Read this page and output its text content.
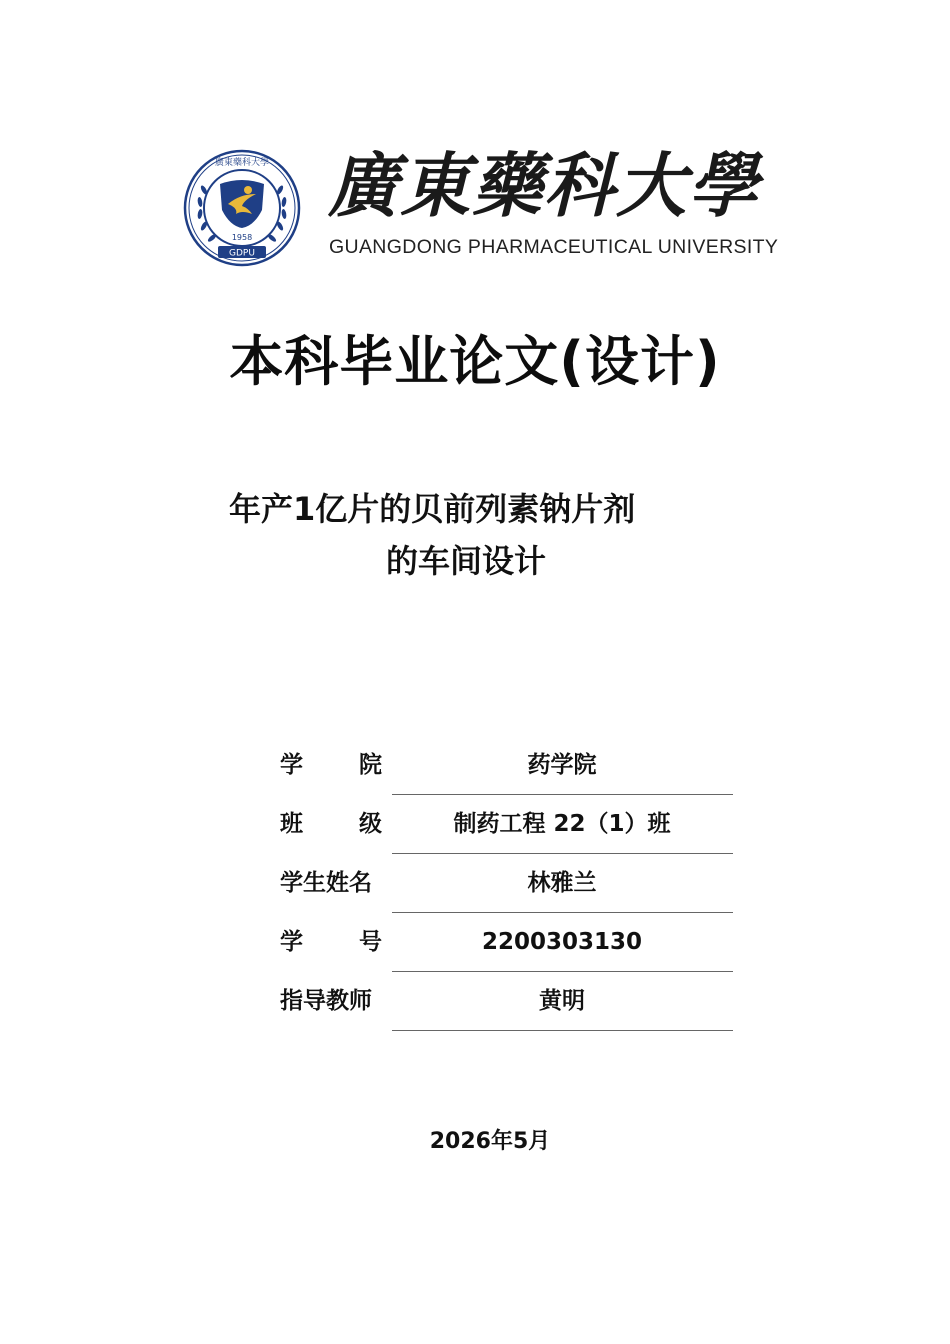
1958
GDPU
廣東藥科大學 廣東藥科大學
GUANGDONG PHARMACEUTICAL UNIVERSITY
本科毕业论文(设计)
年产1亿片的贝前列素钠片剂
的车间设计
学 院	药学院
班 级	制药工程 22（1）班
学生姓名	林雅兰
学 号	2200303130
指导教师	黄明
2026年5月
